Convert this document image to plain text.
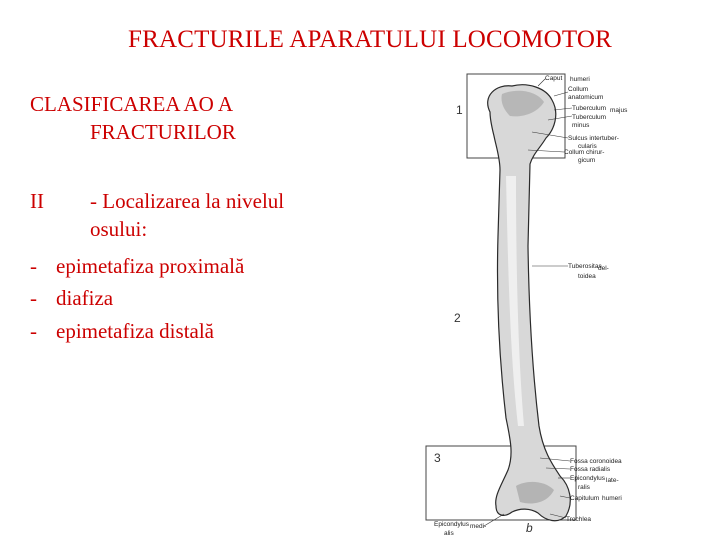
FRACTURILE APARATULUI LOCOMOTOR
CLASIFICAREA AO A
FRACTURILOR
II - Localizarea la nivelul
osului:
- epimetafiza proximală
- diafiza
- epimetafiza distală
1
2
3
b
Caput humeri
Collum
anatomicum
Tuberculum majus
Tuberculum
minus
Sulcus intertuber-
cularis
Collum chirur-
gicum
Tuberositas
del-
toidea
Fossa coronoidea
Fossa radialis
Epicondylus late-
ralis
Capitulum humeri
Trochlea
Epicondylus medi-
alis
